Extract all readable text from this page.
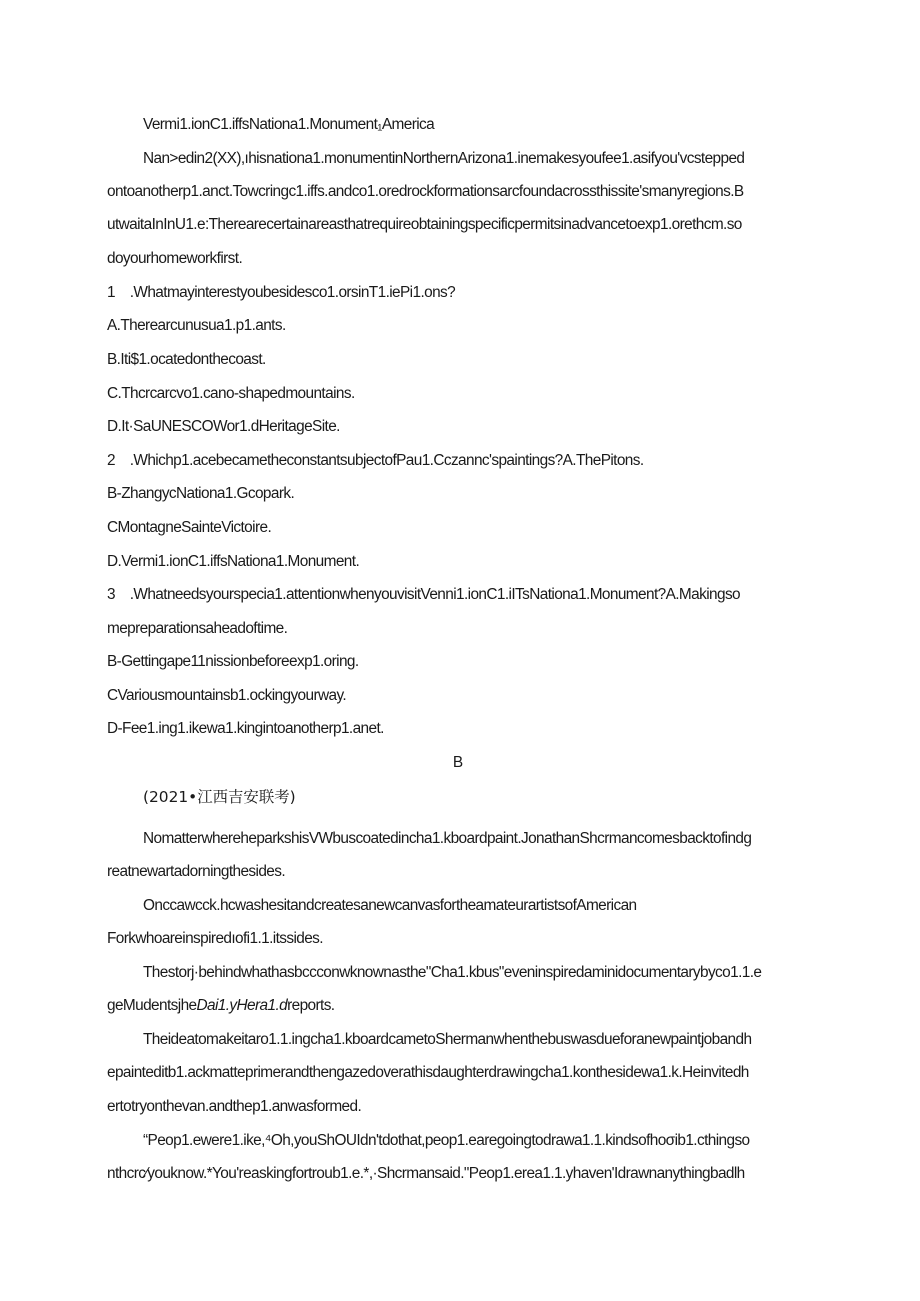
Vermi1.ionC1.iffsNationa1.Monument₁America
Nan>edin2(XX),ıhisnationa1.monumentinNorthernArizona1.inemakesyoufee1.asifyou'vcstepped
ontoanotherp1.anct.Towcringc1.iffs.andco1.oredrockformationsarcfoundacrossthissite'smanyregions.B
utwaitaInInU1.e:Therearecertainareasthatrequireobtainingspecificpermitsinadvancetoexp1.orethcm.so
doyourhomeworkfirst.
1 .Whatmayinterestyoubesidesco1.orsinT1.iePi1.ons?
A.Therearcunusua1.p1.ants.
B.Iti$1.ocatedonthecoast.
C.Thcrcarcvo1.cano-shapedmountains.
D.It·SaUNESCOWor1.dHeritageSite.
2 .Whichp1.acebecametheconstantsubjectofPau1.Cczannc'spaintings?A.ThePitons.
B-ZhangycNationa1.Gcopark.
CMontagneSainteVictoire.
D.Vermi1.ionC1.iffsNationa1.Monument.
3 .Whatneedsyourspecia1.attentionwhenyouvisitVenni1.ionC1.iITsNationa1.Monument?A.Makingso
mepreparationsaheadoftime.
B-Gettingape11nissionbeforeexp1.oring.
CVariousmountainsb1.ockingyourway.
D-Fee1.ing1.ikewa1.kingintoanotherp1.anet.
B
(2021•江西吉安联考)
NomatterwhereheparkshisVWbuscoatedincha1.kboardpaint.JonathanShcrmancomesbacktofindg
reatnewartadorningthesides.
Onccawcck.hcwashesitandcreatesanewcanvasfortheamateurartistsofAmerican
Forkwhoareinspiredıofi1.1.itssides.
Thestorj·behindwhathasbccconwknownasthe"Cha1.kbus"eveninspiredaminidocumentarybyco1.1.e
geMudentsjheDai1.yHera1.dreports.
Theideatomakeitaro1.1.ingcha1.kboardcametoShermanwhenthebuswasdueforanewpaintjobandh
epainteditb1.ackmatteprimerandthengazedoverathisdaughterdrawingcha1.konthesidewa1.k.Heinvitedh
ertotryonthevan.andthep1.anwasformed.
“Peop1.ewere1.ike,⁴Oh,youShOUIdn'tdothat,peop1.earegoingtodrawa1.1.kindsofhoσib1.cthingso
nthcrc⁄youknow.*You'reaskingfortroub1.e.*,·Shcrmansaid."Peop1.erea1.1.yhaven'Idrawnanythingbadlh
